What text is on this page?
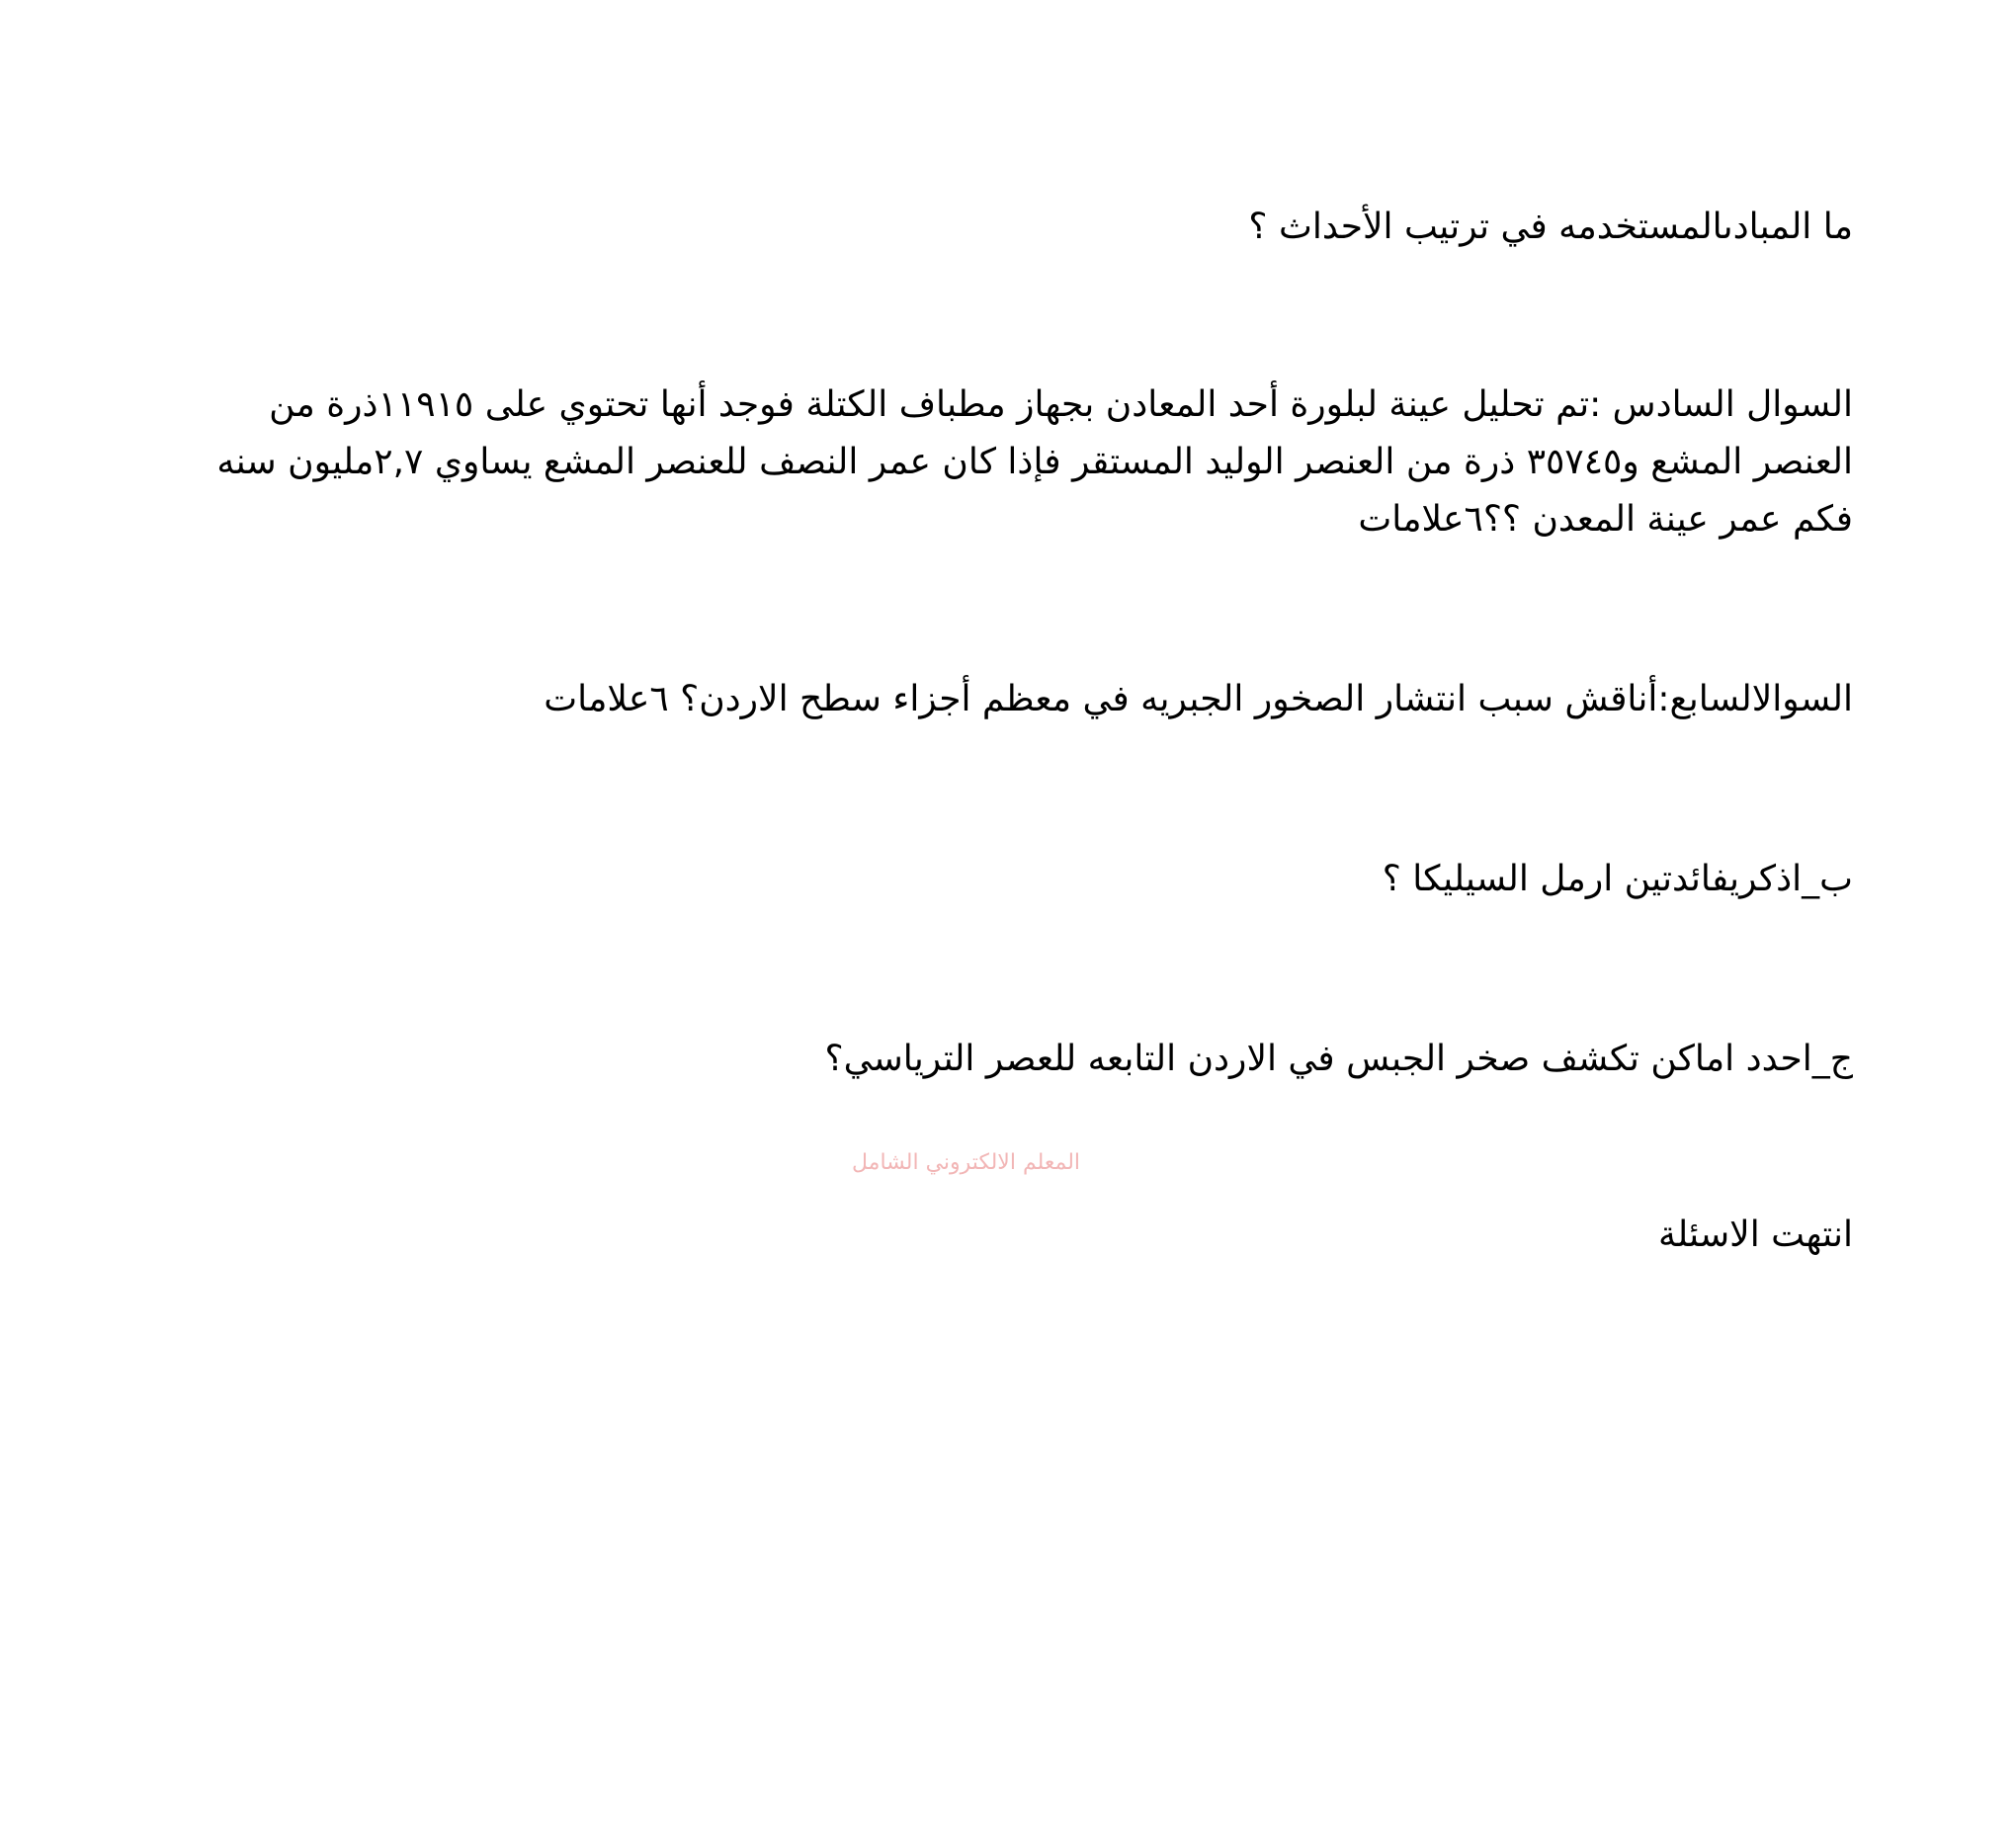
ما المبادىالمستخدمه في ترتيب الأحداث ؟
السوال السادس :تم تحليل عينة لبلورة أحد المعادن بجهاز مطباف الكتلة فوجد أنها تحتوي على ١١٩١٥ذرة من
العنصر المشع و٣٥٧٤٥ ذرة من العنصر الوليد المستقر فإذا كان عمر النصف للعنصر المشع يساوي ٢,٧مليون سنه
فكم عمر عينة المعدن ؟؟٦علامات
السوالالسابع:أناقش سبب انتشار الصخور الجبريه في معظم أجزاء سطح الاردن؟ ٦علامات
ب_اذكريفائدتين ارمل السيليكا ؟
ج_احدد اماكن تكشف صخر الجبس في الاردن التابعه للعصر الترياسي؟
المعلم الالكتروني الشامل
انتهت الاسئلة
